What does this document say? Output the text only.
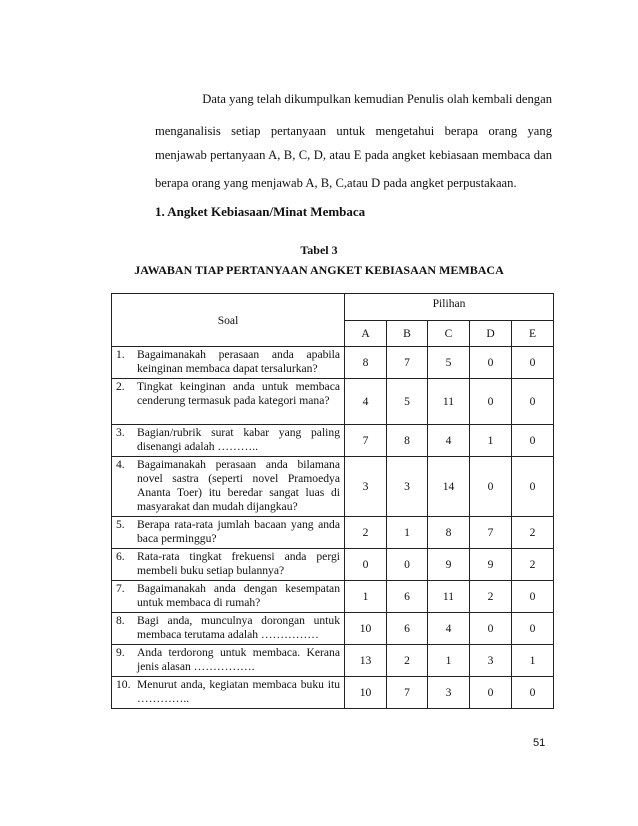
Data yang telah dikumpulkan kemudian Penulis olah kembali dengan
menganalisis setiap pertanyaan untuk mengetahui berapa orang yang
menjawab pertanyaan A, B, C, D, atau E pada angket kebiasaan membaca dan
berapa orang yang menjawab A, B, C,atau D pada angket perpustakaan.
1. Angket Kebiasaan/Minat Membaca
Tabel 3
JAWABAN TIAP PERTANYAAN ANGKET KEBIASAAN MEMBACA
Soal	Pilihan				
	A	B	C	D	E

1. Bagaimanakah perasaan anda apabila keinginan membaca dapat tersalurkan?	8	7	5	0	0

2. Tingkat keinginan anda untuk membaca cenderung termasuk pada kategori mana?	4	5	11	0	0

3. Bagian/rubrik surat kabar yang paling disenangi adalah ………..	7	8	4	1	0

4. Bagaimanakah perasaan anda bilamana novel sastra (seperti novel Pramoedya Ananta Toer) itu beredar sangat luas di masyarakat dan mudah dijangkau?	3	3	14	0	0

5. Berapa rata-rata jumlah bacaan yang anda baca perminggu?	2	1	8	7	2

6. Rata-rata tingkat frekuensi anda pergi membeli buku setiap bulannya?	0	0	9	9	2

7. Bagaimanakah anda dengan kesempatan untuk membaca di rumah?	1	6	11	2	0

8. Bagi anda, munculnya dorongan untuk membaca terutama adalah ……………	10	6	4	0	0

9. Anda terdorong untuk membaca. Kerana jenis alasan …………….	13	2	1	3	1

10. Menurut anda, kegiatan membaca buku itu …………..	10	7	3	0	0
51
